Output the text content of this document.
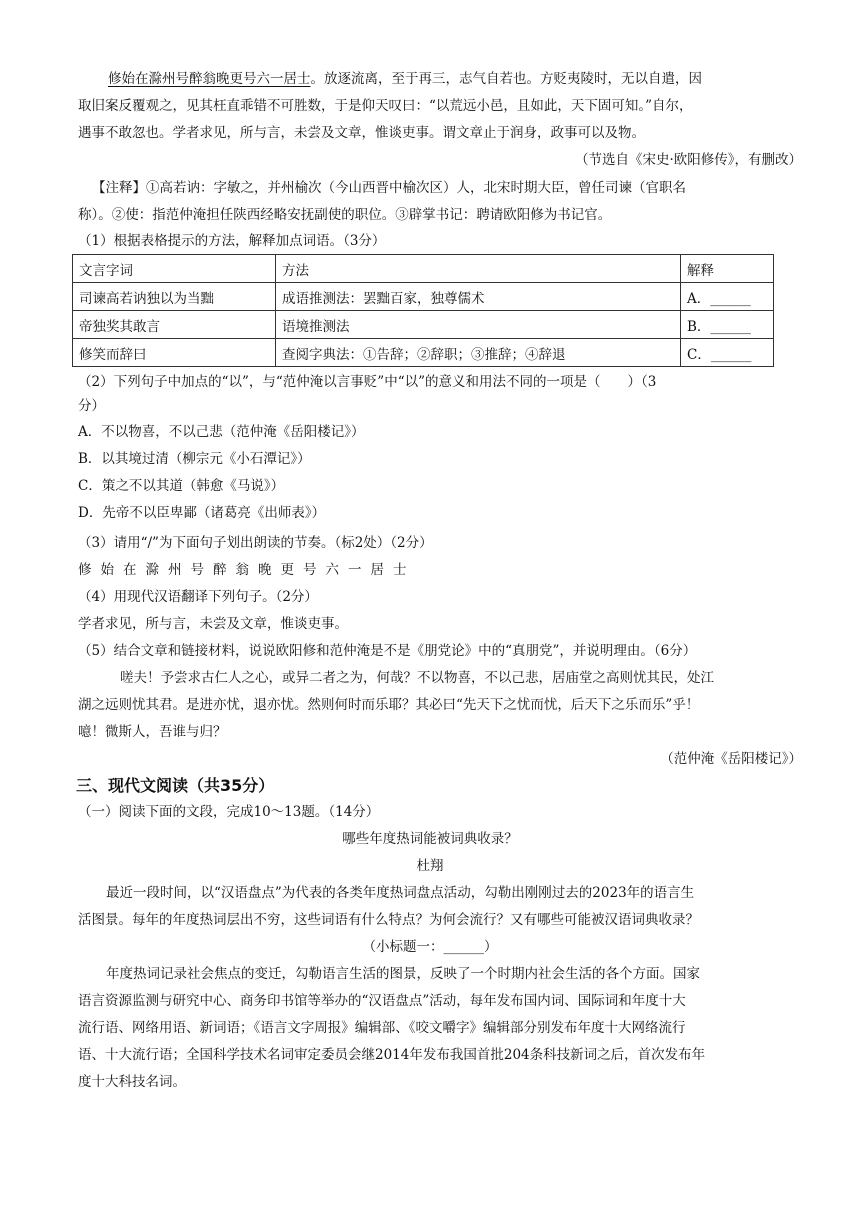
修始在滁州号醉翁晚更号六一居士。放逐流离，至于再三，志气自若也。方贬夷陵时，无以自遣，因
取旧案反覆观之，见其枉直乖错不可胜数，于是仰天叹曰：“以荒远小邑，且如此，天下固可知。”自尔，
遇事不敢忽也。学者求见，所与言，未尝及文章，惟谈吏事。谓文章止于润身，政事可以及物。
（节选自《宋史·欧阳修传》，有删改）
【注释】①高若讷：字敏之，并州榆次（今山西晋中榆次区）人，北宋时期大臣，曾任司谏（官职名
称）。②使：指范仲淹担任陕西经略安抚副使的职位。③辟掌书记：聘请欧阳修为书记官。
（1）根据表格提示的方法，解释加点词语。（3分）
文言字词	方法	解释
司谏高若讷独以为当黜	成语推测法：罢黜百家，独尊儒术	A．______
帝独奖其敢言	语境推测法	B．______
修笑而辞曰	查阅字典法：①告辞；②辞职；③推辞；④辞退	C．______
（2）下列句子中加点的“以”，与“范仲淹以言事贬”中“以”的意义和用法不同的一项是（　　）（3
分）
A．不以物喜，不以己悲（范仲淹《岳阳楼记》）
B．以其境过清（柳宗元《小石潭记》）
C．策之不以其道（韩愈《马说》）
D．先帝不以臣卑鄙（诸葛亮《出师表》）
（3）请用“/”为下面句子划出朗读的节奏。（标2处）（2分）
修始在滁州号醉翁晚更号六一居士
（4）用现代汉语翻译下列句子。（2分）
学者求见，所与言，未尝及文章，惟谈吏事。
（5）结合文章和链接材料，说说欧阳修和范仲淹是不是《朋党论》中的“真朋党”，并说明理由。（6分）
嗟夫！予尝求古仁人之心，或异二者之为，何哉？不以物喜，不以己悲，居庙堂之高则忧其民，处江
湖之远则忧其君。是进亦忧，退亦忧。然则何时而乐耶？其必曰“先天下之忧而忧，后天下之乐而乐”乎！
噫！微斯人，吾谁与归？
（范仲淹《岳阳楼记》）
三、现代文阅读（共35分）
（一）阅读下面的文段，完成10～13题。（14分）
哪些年度热词能被词典收录？
杜翔
最近一段时间，以“汉语盘点”为代表的各类年度热词盘点活动，勾勒出刚刚过去的2023年的语言生
活图景。每年的年度热词层出不穷，这些词语有什么特点？为何会流行？又有哪些可能被汉语词典收录？
（小标题一：______）
年度热词记录社会焦点的变迁，勾勒语言生活的图景，反映了一个时期内社会生活的各个方面。国家
语言资源监测与研究中心、商务印书馆等举办的“汉语盘点”活动，每年发布国内词、国际词和年度十大
流行语、网络用语、新词语；《语言文字周报》编辑部、《咬文嚼字》编辑部分别发布年度十大网络流行
语、十大流行语；全国科学技术名词审定委员会继2014年发布我国首批204条科技新词之后，首次发布年
度十大科技名词。
